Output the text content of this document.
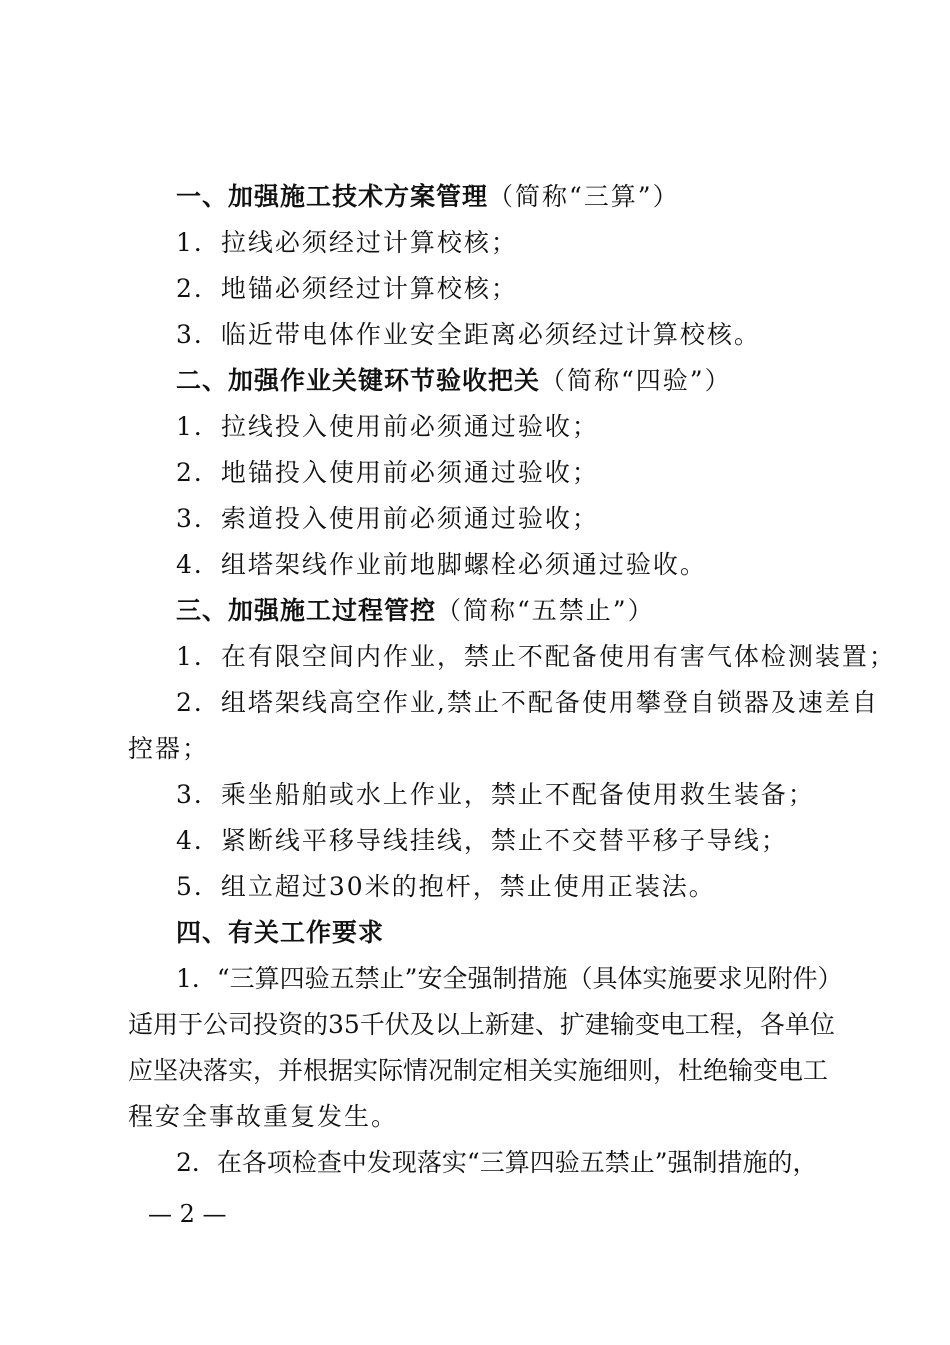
一、加强施工技术方案管理（简称“三算”）
1．拉线必须经过计算校核；
2．地锚必须经过计算校核；
3．临近带电体作业安全距离必须经过计算校核。
二、加强作业关键环节验收把关（简称“四验”）
1．拉线投入使用前必须通过验收；
2．地锚投入使用前必须通过验收；
3．索道投入使用前必须通过验收；
4．组塔架线作业前地脚螺栓必须通过验收。
三、加强施工过程管控（简称“五禁止”）
1．在有限空间内作业，禁止不配备使用有害气体检测装置；
2．组塔架线高空作业,禁止不配备使用攀登自锁器及速差自
控器；
3．乘坐船舶或水上作业，禁止不配备使用救生装备；
4．紧断线平移导线挂线，禁止不交替平移子导线；
5．组立超过30米的抱杆，禁止使用正装法。
四、有关工作要求
1．“三算四验五禁止”安全强制措施（具体实施要求见附件）
适用于公司投资的35千伏及以上新建、扩建输变电工程，各单位
应坚决落实，并根据实际情况制定相关实施细则，杜绝输变电工
程安全事故重复发生。
2．在各项检查中发现落实“三算四验五禁止”强制措施的，
— 2 —
